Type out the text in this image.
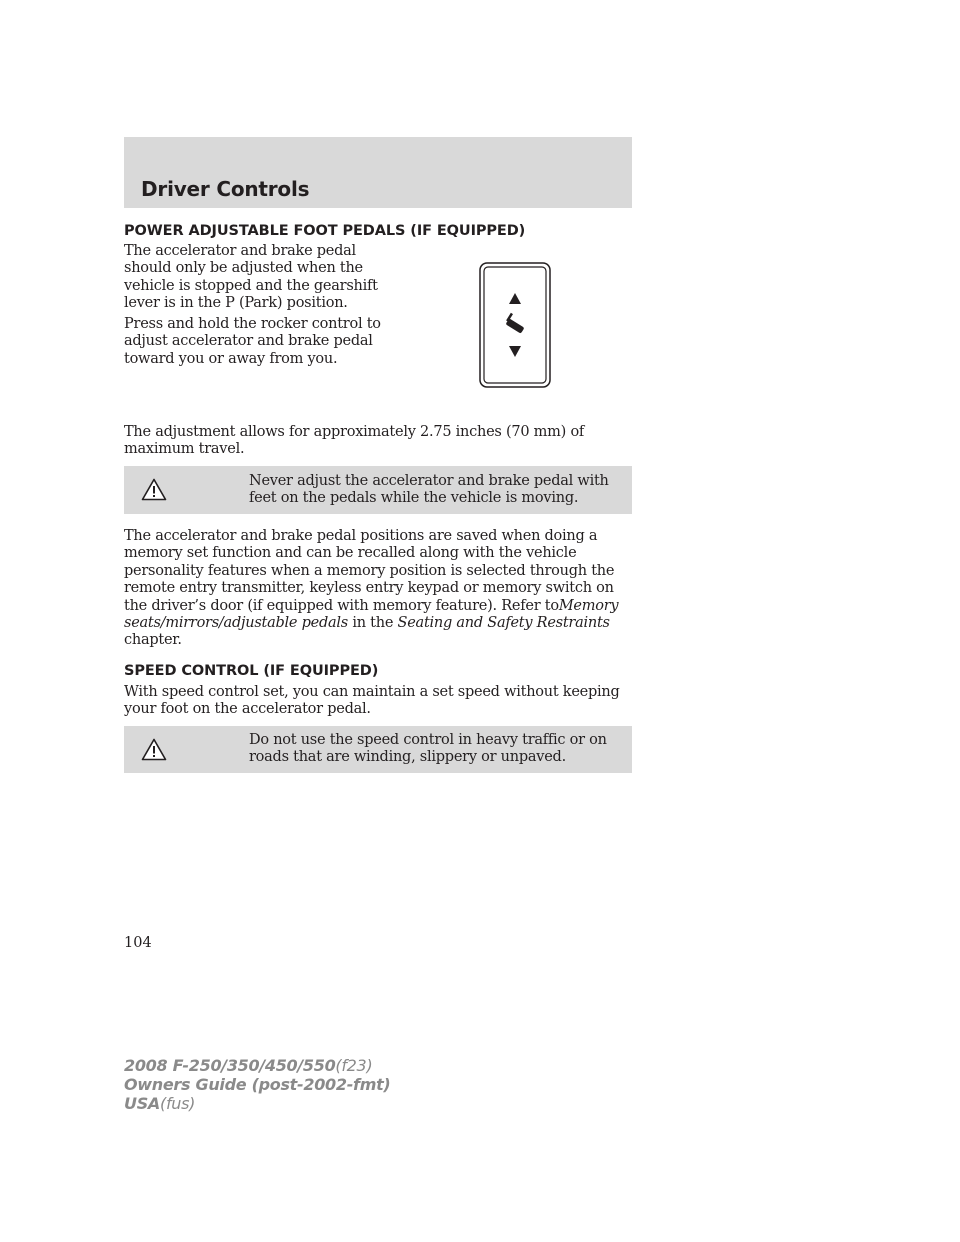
Driver Controls
POWER ADJUSTABLE FOOT PEDALS (IF EQUIPPED)

The accelerator and brake pedal should only be adjusted when the vehicle is stopped and the gearshift lever is in the P (Park) position.

Press and hold the rocker control to adjust accelerator and brake pedal toward you or away from you.

The adjustment allows for approximately 2.75 inches (70 mm) of maximum travel.

Never adjust the accelerator and brake pedal with feet on the pedals while the vehicle is moving.

The accelerator and brake pedal positions are saved when doing a memory set function and can be recalled along with the vehicle personality features when a memory position is selected through the remote entry transmitter, keyless entry keypad or memory switch on the driver’s door (if equipped with memory feature). Refer toMemory seats/mirrors/adjustable pedals in the Seating and Safety Restraints chapter.

SPEED CONTROL (IF EQUIPPED)

With speed control set, you can maintain a set speed without keeping your foot on the accelerator pedal.

Do not use the speed control in heavy traffic or on roads that are winding, slippery or unpaved.

104

2008 F-250/350/450/550(f23)
Owners Guide (post-2002-fmt)
USA(fus)
